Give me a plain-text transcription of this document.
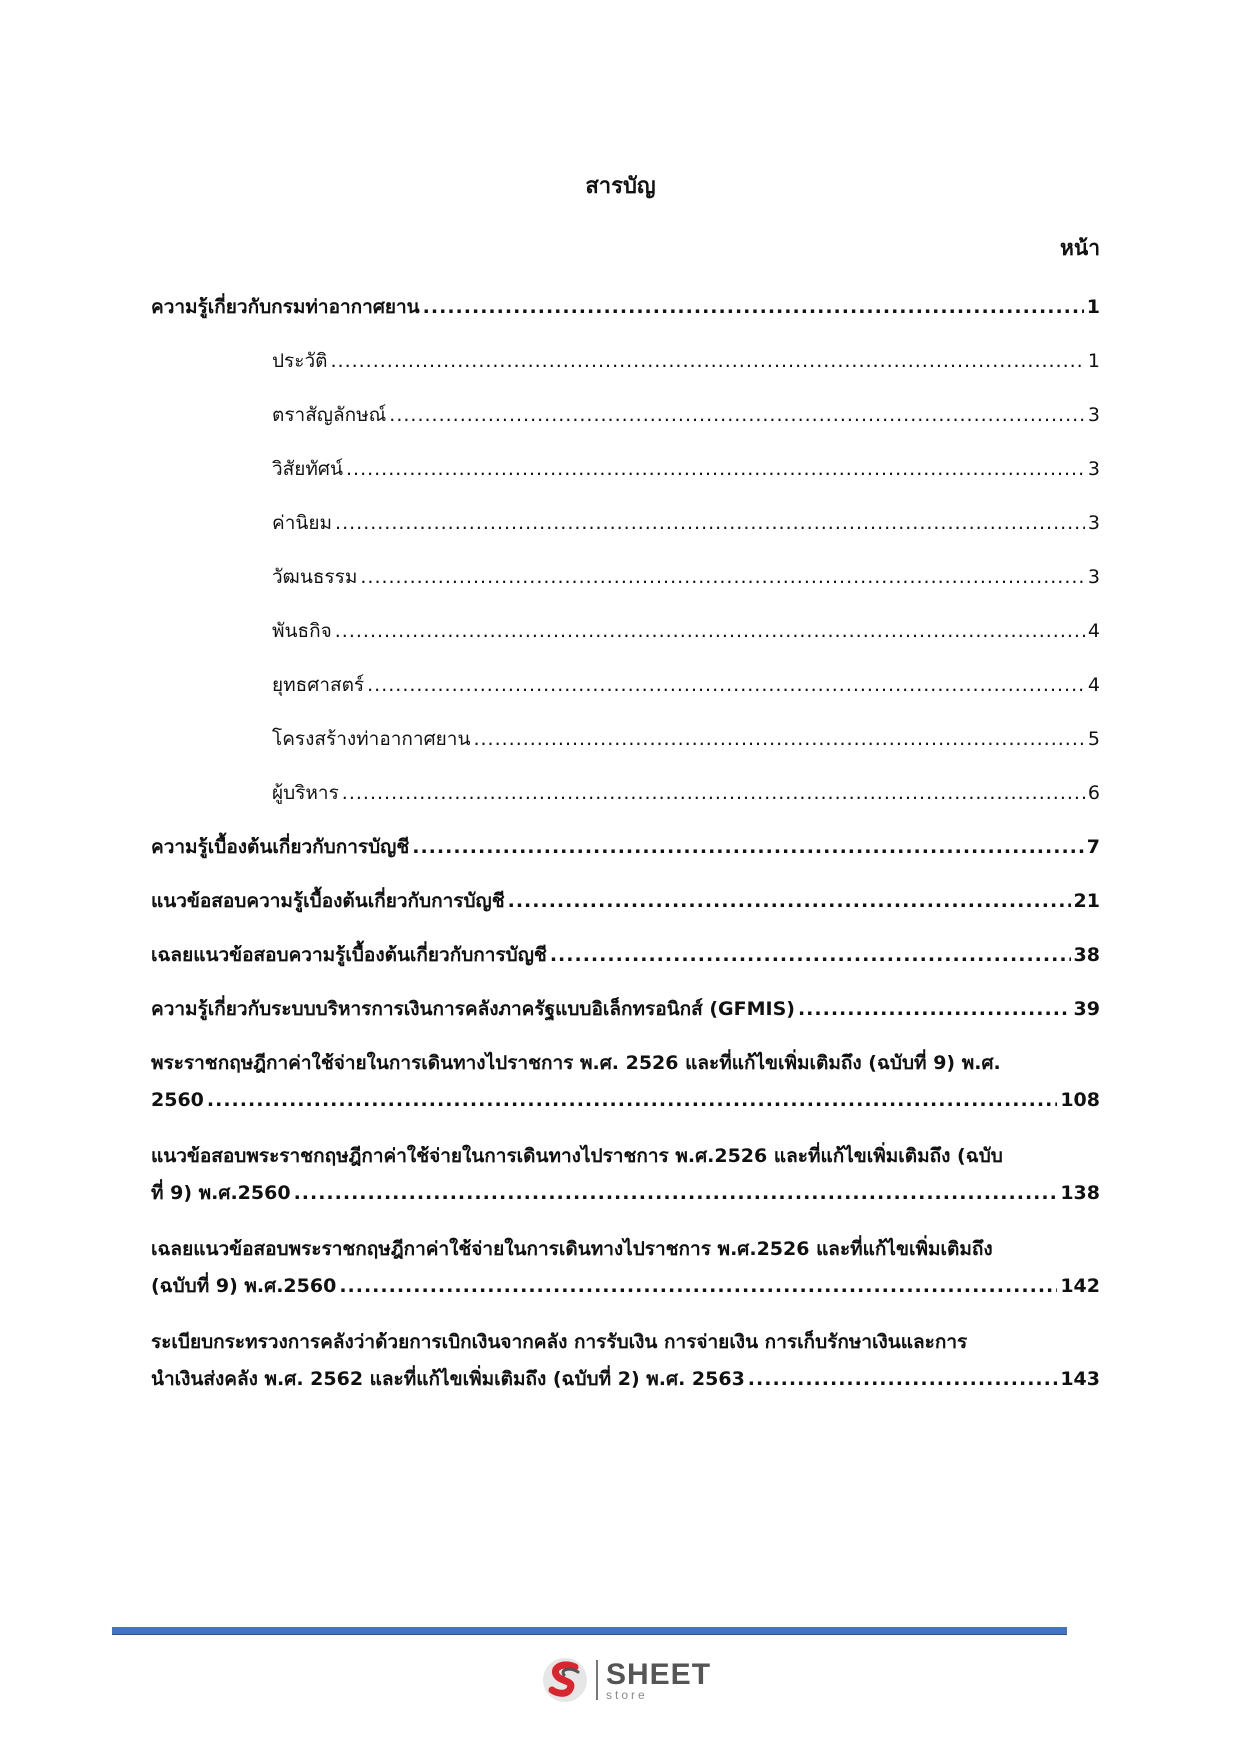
สารบัญ
หน้า
ความรู้เกี่ยวกับกรมท่าอากาศยาน .....	1
ประวัติ .....	1
ตราสัญลักษณ์ .....	3
วิสัยทัศน์ .....	3
ค่านิยม .....	3
วัฒนธรรม .....	3
พันธกิจ .....	4
ยุทธศาสตร์ .....	4
โครงสร้างท่าอากาศยาน .....	5
ผู้บริหาร .....	6
ความรู้เบื้องต้นเกี่ยวกับการบัญชี .....	7
แนวข้อสอบความรู้เบื้องต้นเกี่ยวกับการบัญชี .....	21
เฉลยแนวข้อสอบความรู้เบื้องต้นเกี่ยวกับการบัญชี .....	38
ความรู้เกี่ยวกับระบบบริหารการเงินการคลังภาครัฐแบบอิเล็กทรอนิกส์ (GFMIS) .....	39
พระราชกฤษฎีกาค่าใช้จ่ายในการเดินทางไปราชการ พ.ศ. 2526 และที่แก้ไขเพิ่มเติมถึง (ฉบับที่ 9) พ.ศ.
2560 .....	108
แนวข้อสอบพระราชกฤษฎีกาค่าใช้จ่ายในการเดินทางไปราชการ พ.ศ.2526 และที่แก้ไขเพิ่มเติมถึง (ฉบับ
ที่ 9) พ.ศ.2560 .....	138
เฉลยแนวข้อสอบพระราชกฤษฎีกาค่าใช้จ่ายในการเดินทางไปราชการ พ.ศ.2526 และที่แก้ไขเพิ่มเติมถึง
(ฉบับที่ 9) พ.ศ.2560 .....	142
ระเบียบกระทรวงการคลังว่าด้วยการเบิกเงินจากคลัง การรับเงิน การจ่ายเงิน การเก็บรักษาเงินและการ
นำเงินส่งคลัง พ.ศ. 2562 และที่แก้ไขเพิ่มเติมถึง (ฉบับที่ 2) พ.ศ. 2563 .....	143
SHEET
store
